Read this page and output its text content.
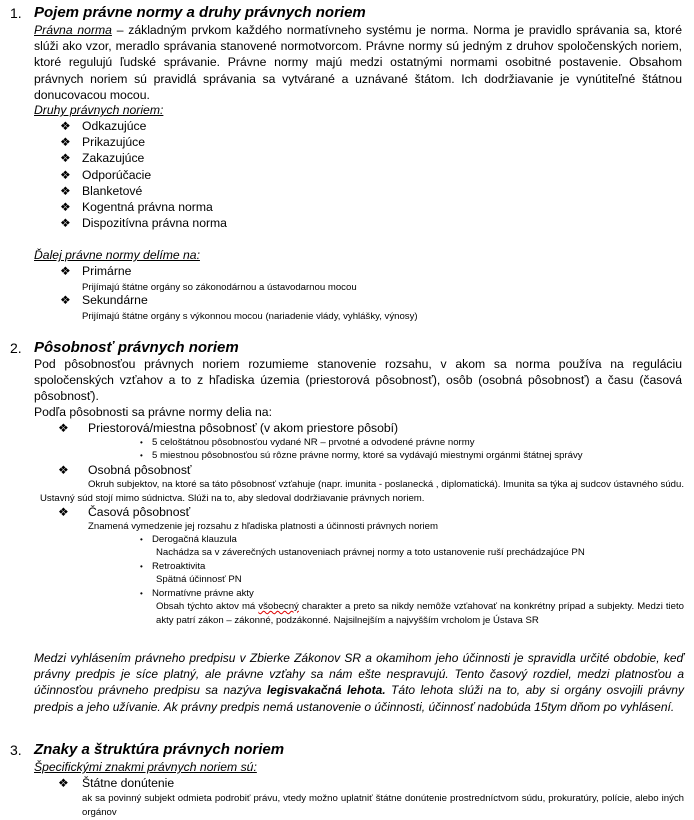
1. Pojem právne normy a druhy právnych noriem
Právna norma – základným prvkom každého normatívneho systému je norma. Norma je pravidlo správania sa, ktoré slúži ako vzor, meradlo správania stanovené normotvorcom. Právne normy sú jedným z druhov spoločenských noriem, ktoré regulujú ľudské správanie. Právne normy majú medzi ostatnými normami osobitné postavenie. Obsahom právnych noriem sú pravidlá správania sa vytvárané a uznávané štátom. Ich dodržiavanie je vynútiteľné štátnou donucovacou mocou.
Druhy právnych noriem:
❖ Odkazujúce
❖ Prikazujúce
❖ Zakazujúce
❖ Odporúčacie
❖ Blanketové
❖ Kogentná právna norma
❖ Dispozitívna právna norma
Ďalej právne normy delíme na:
❖ Primárne
Prijímajú štátne orgány so zákonodárnou a ústavodarnou mocou
❖ Sekundárne
Prijímajú štátne orgány s výkonnou mocou (nariadenie vlády, vyhlášky, výnosy)
2. Pôsobnosť právnych noriem
Pod pôsobnosťou právnych noriem rozumieme stanovenie rozsahu, v akom sa norma používa na reguláciu spoločenských vzťahov a to z hľadiska územia (priestorová pôsobnosť), osôb (osobná pôsobnosť) a času (časová pôsobnosť).
Podľa pôsobnosti sa právne normy delia na:
❖ Priestorová/miestna pôsobnosť (v akom priestore pôsobí)
• 5 celoštátnou pôsobnosťou vydané NR – prvotné a odvodené právne normy
• 5 miestnou pôsobnosťou sú rôzne právne normy, ktoré sa vydávajú miestnymi orgánmi štátnej správy
❖ Osobná pôsobnosť
Okruh subjektov, na ktoré sa táto pôsobnosť vzťahuje (napr. imunita - poslanecká , diplomatická). Imunita sa týka aj sudcov ústavného súdu. Ustavný súd stojí mimo súdnictva. Slúži na to, aby sledoval dodržiavanie právnych noriem.
❖ Časová pôsobnosť
Znamená vymedzenie jej rozsahu z hľadiska platnosti a účinnosti právnych noriem
• Derogačná klauzula
Nachádza sa v záverečných ustanoveniach právnej normy a toto ustanovenie ruší prechádzajúce PN
• Retroaktivita
Spätná účinnosť PN
• Normatívne právne akty
Obsah týchto aktov má všobecný charakter a preto sa nikdy nemôže vzťahovať na konkrétny prípad a subjekty. Medzi tieto akty patrí zákon – zákonné, podzákonné. Najsilnejším a najvyšším vrcholom je Ústava SR
Medzi vyhlásením právneho predpisu v Zbierke Zákonov SR a okamihom jeho účinnosti je spravidla určité obdobie, keď právny predpis je síce platný, ale právne vzťahy sa nám ešte nespravujú. Tento časový rozdiel, medzi platnosťou a účinnosťou právneho predpisu sa nazýva legisvakačná lehota. Táto lehota slúži na to, aby si orgány osvojili právny predpis a jeho užívanie. Ak právny predpis nemá ustanovenie o účinnosti, účinnosť nadobúda 15tym dňom po vyhlásení.
3. Znaky a štruktúra právnych noriem
Špecifickými znakmi právnych noriem sú:
❖ Štátne donútenie
ak sa povinný subjekt odmieta podrobiť právu, vtedy možno uplatniť štátne donútenie prostredníctvom súdu, prokuratúry, polície, alebo iných orgánov
